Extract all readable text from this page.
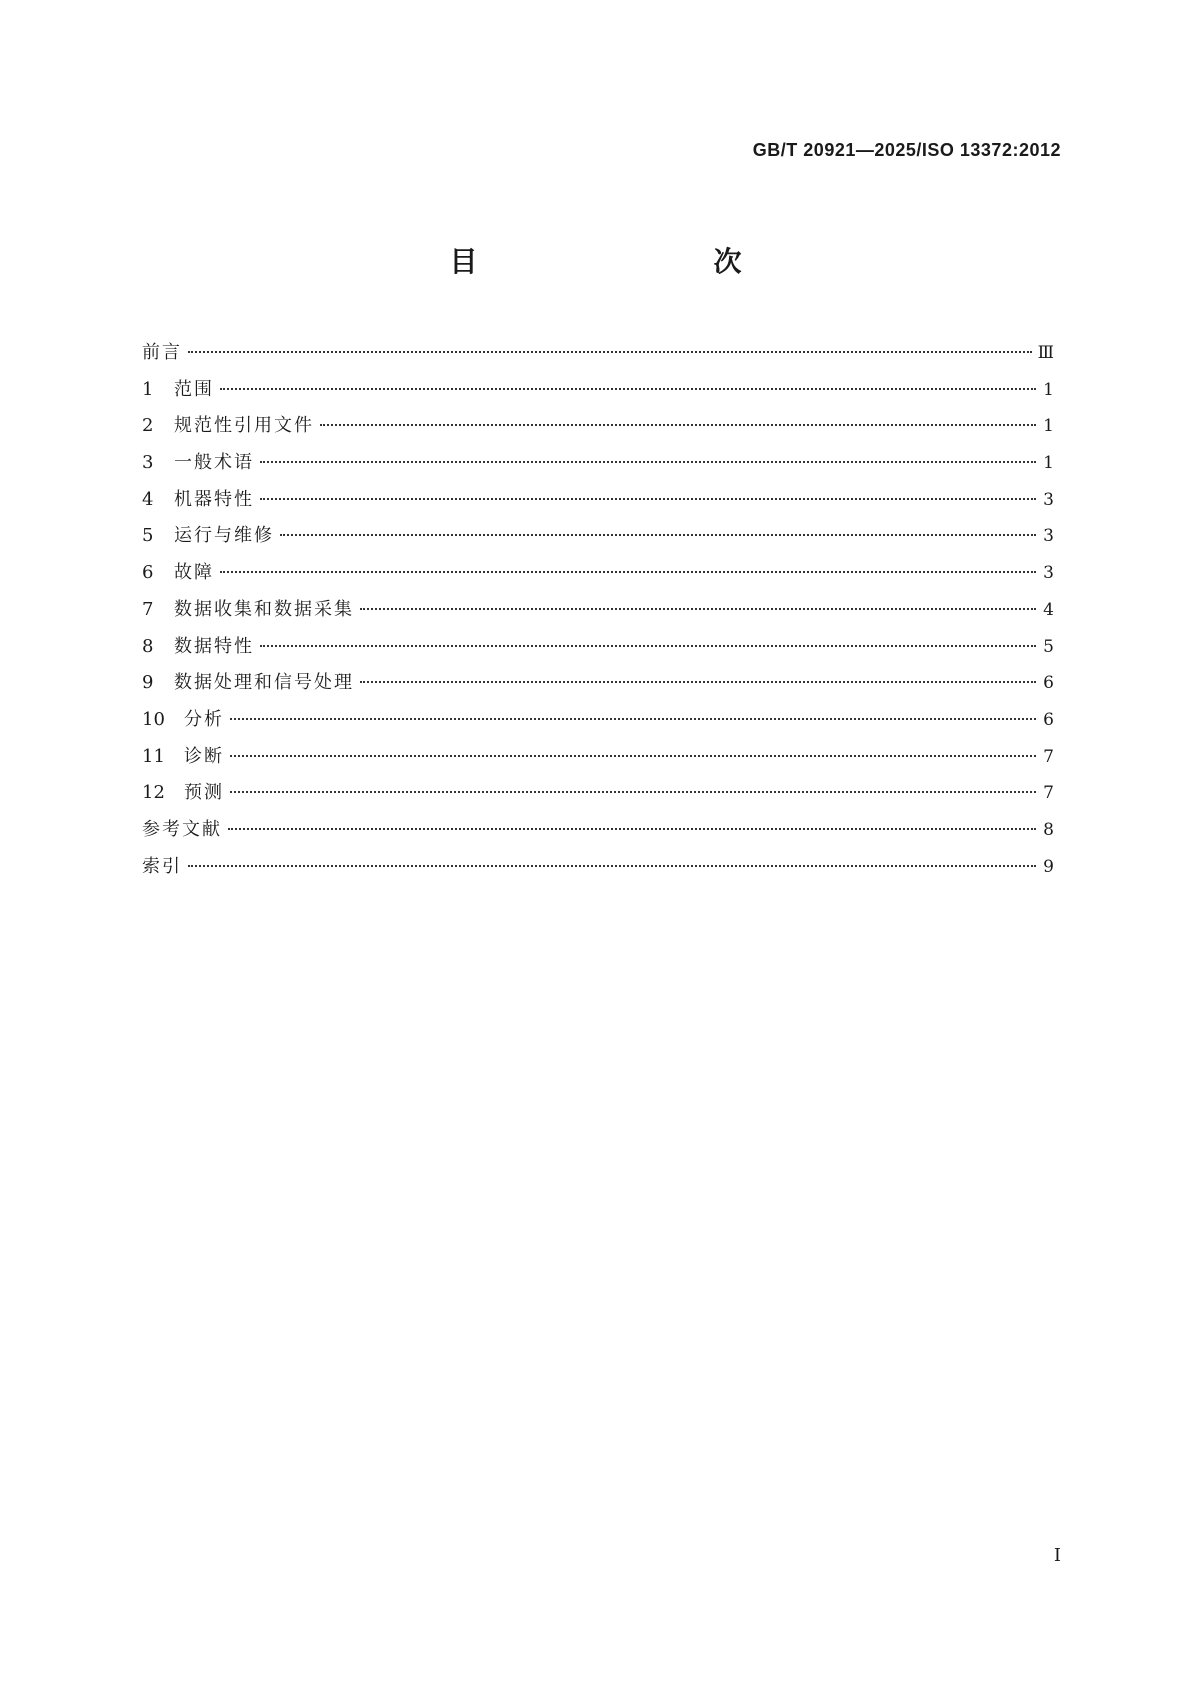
GB/T 20921—2025/ISO 13372:2012
目　　次
前言	Ⅲ
1	范围	1
2	规范性引用文件	1
3	一般术语	1
4	机器特性	3
5	运行与维修	3
6	故障	3
7	数据收集和数据采集	4
8	数据特性	5
9	数据处理和信号处理	6
10	分析	6
11	诊断	7
12	预测	7
参考文献	8
索引	9
Ⅰ
